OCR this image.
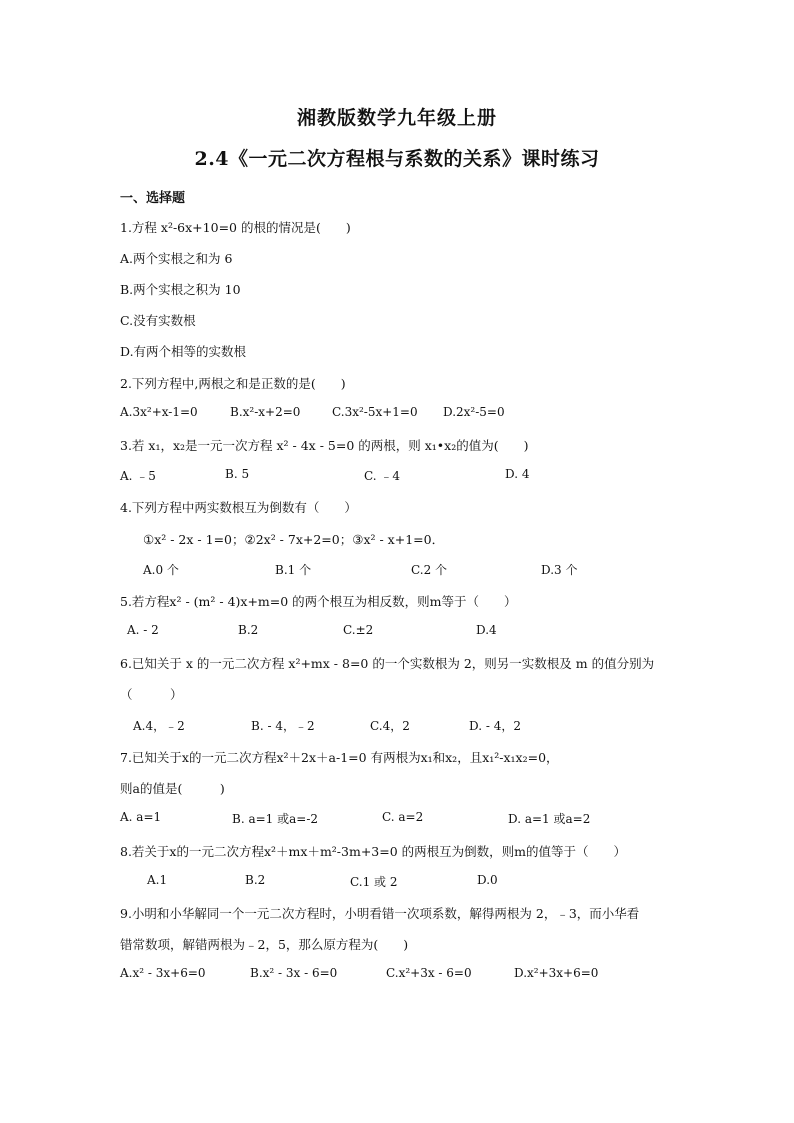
湘教版数学九年级上册
2.4《一元二次方程根与系数的关系》课时练习
一、选择题
1.方程 x²-6x+10=0 的根的情况是(　　)
A.两个实根之和为 6
B.两个实根之积为 10
C.没有实数根
D.有两个相等的实数根
2.下列方程中,两根之和是正数的是(　　)
A.3x²+x-1=0	B.x²-x+2=0	C.3x²-5x+1=0 D.2x²-5=0
3.若 x₁，x₂是一元一次方程 x² - 4x - 5=0 的两根，则 x₁•x₂的值为(　　)
A. ﹣5	B. 5	C. ﹣4	D. 4
4.下列方程中两实数根互为倒数有（　　）
①x² - 2x - 1=0；②2x² - 7x+2=0；③x² - x+1=0．
A.0 个	B.1 个	C.2 个	D.3 个
5.若方程x² - (m² - 4)x+m=0 的两个根互为相反数，则m等于（　　）
A. - 2	B.2	C.±2	D.4
6.已知关于 x 的一元二次方程 x²+mx - 8=0 的一个实数根为 2，则另一实数根及 m 的值分别为
（　　　）
A.4，﹣2	B. - 4，﹣2	C.4，2	D. - 4，2
7.已知关于x的一元二次方程x²＋2x＋a-1=0 有两根为x₁和x₂，且x₁²-x₁x₂=0，
则a的值是(　　　)
A. a=1	B. a=1 或a=-2	C. a=2	D. a=1 或a=2
8.若关于x的一元二次方程x²＋mx＋m²-3m+3=0 的两根互为倒数，则m的值等于（　　）
A.1	B.2	C.1 或 2	D.0
9.小明和小华解同一个一元二次方程时，小明看错一次项系数，解得两根为 2，﹣3，而小华看
错常数项，解错两根为﹣2，5，那么原方程为(　　)
A.x² - 3x+6=0	B.x² - 3x - 6=0	C.x²+3x - 6=0	D.x²+3x+6=0
